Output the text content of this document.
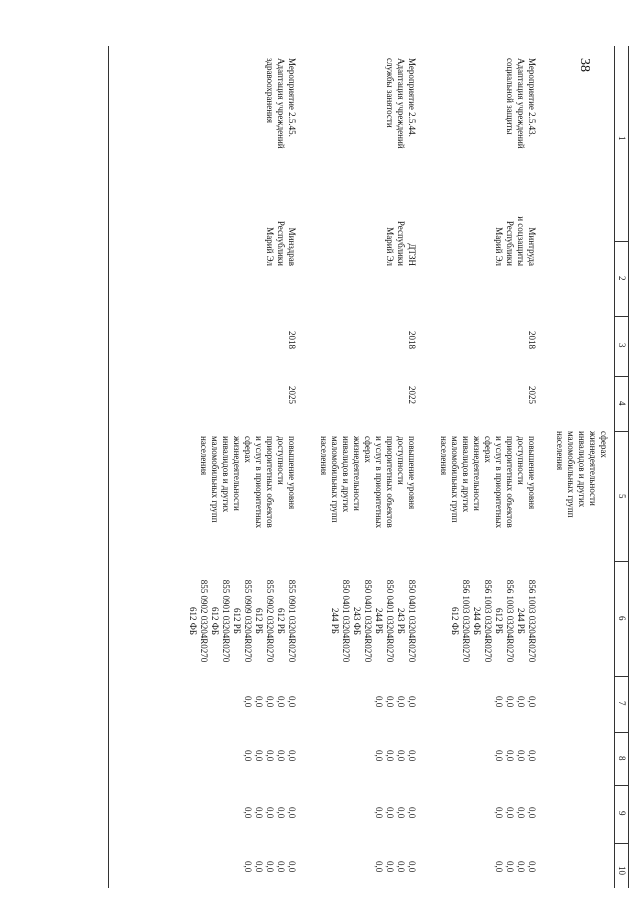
38
1
2
3
4
5
6
7
8
9
10
сферах
жизнедеятельности
инвалидов и других
маломобильных групп
населения
Мероприятие 2.5.43.
Адаптация учреждений
социальной защиты
Минтруда
и соцзащиты
Республики
Марий Эл
2018
2025
повышение уровня
доступности
приоритетных объектов
и услуг в приоритетных
сферах
жизнедеятельности
инвалидов и других
маломобильных групп
населения
856 1003 03204R0270
244 РБ
856 1003 03204R0270
612 РБ
856 1003 03204R0270
244 ФБ
856 1003 03204R0270
612 ФБ
0,0
0,0
0,0
0,0
0,0
0,0
0,0
0,0
0,0
0,0
0,0
0,0
0,0
0,0
0,0
0,0
Мероприятие 2.5.44.
Адаптация учреждений
службы занятости
ДТЗН
Республики
Марий Эл
2018
2022
повышение уровня
доступности
приоритетных объектов
и услуг в приоритетных
сферах
жизнедеятельности
инвалидов и других
маломобильных групп
населения
850 0401 03204R0270
243 РБ
850 0401 03204R0270
244 РБ
850 0401 03204R0270
243 ФБ
850 0401 03204R0270
244 РБ
0,0
0,0
0,0
0,0
0,0
0,0
0,0
0,0
0,0
0,0
0,0
0,0
0,0
0,0
0,0
0,0
Мероприятие 2.5.45.
Адаптация учреждений
здравоохранения
Минздрав
Республики
Марий Эл
2018
2025
повышение уровня
доступности
приоритетных объектов
и услуг в приоритетных
сферах
жизнедеятельности
инвалидов и других
маломобильных групп
населения
855 0901 03204R0270
612 РБ
855 0902 03204R0270
612 РБ
855 0909 03204R0270
612 РБ
855 0901 03204R0270
612 ФБ
855 0902 03204R0270
612 ФБ
0,0
0,0
0,0
0,0
0,0
0,0
0,0
0,0
0,0
0,0
0,0
0,0
0,0
0,0
0,0
0,0
0,0
0,0
0,0
0,0
